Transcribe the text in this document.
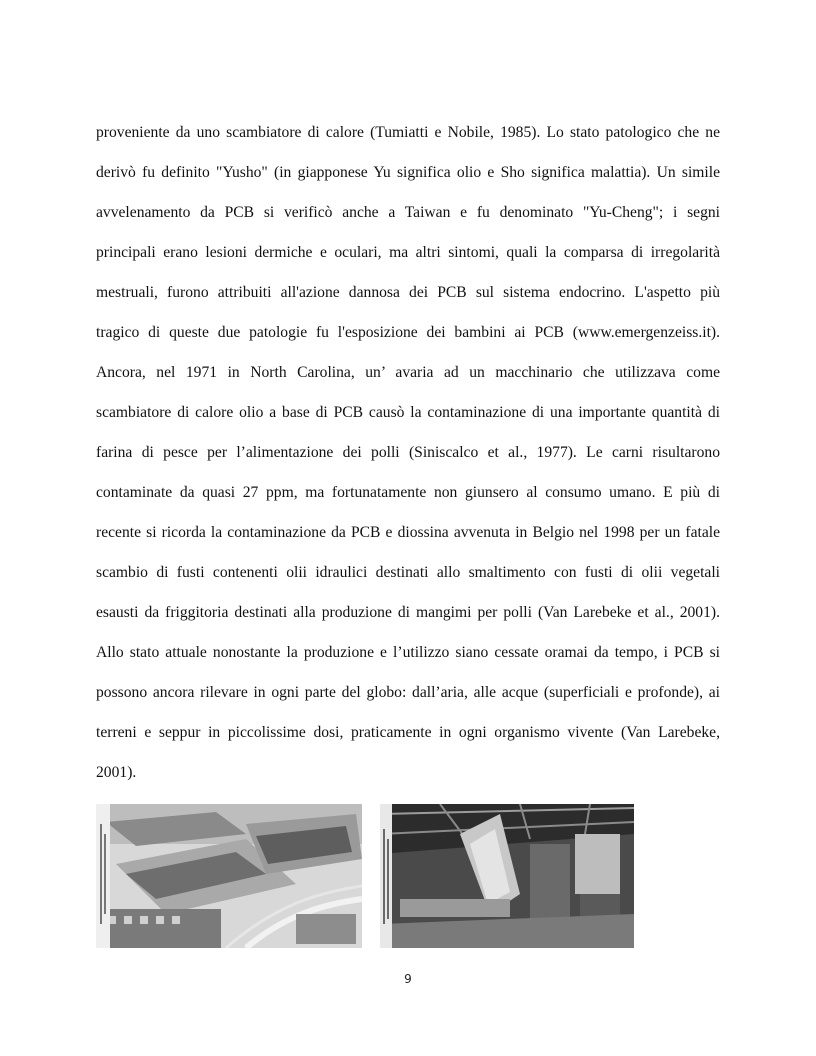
proveniente da uno scambiatore di calore (Tumiatti e Nobile, 1985). Lo stato patologico che ne
derivò fu definito "Yusho" (in giapponese Yu significa olio e Sho significa malattia). Un simile
avvelenamento da PCB si verificò anche a Taiwan e fu denominato "Yu-Cheng"; i segni
principali erano lesioni dermiche e oculari, ma altri sintomi, quali la comparsa di irregolarità
mestruali, furono attribuiti all'azione dannosa dei PCB sul sistema endocrino. L'aspetto più
tragico di queste due patologie fu l'esposizione dei bambini ai PCB (www.emergenzeiss.it).
Ancora, nel 1971 in North Carolina, un’ avaria ad un macchinario che utilizzava come
scambiatore di calore olio a base di PCB causò la contaminazione di una importante quantità di
farina di pesce per l’alimentazione dei polli (Siniscalco et al., 1977). Le carni risultarono
contaminate da quasi 27 ppm, ma fortunatamente non giunsero al consumo umano. E più di
recente si ricorda la contaminazione da PCB e diossina avvenuta in Belgio nel 1998 per un fatale
scambio di fusti contenenti olii idraulici destinati allo smaltimento con fusti di olii vegetali
esausti da friggitoria destinati alla produzione di mangimi per polli (Van Larebeke et al., 2001).
Allo stato attuale nonostante la produzione e l’utilizzo siano cessate oramai da tempo, i PCB si
possono ancora rilevare in ogni parte del globo: dall’aria, alle acque (superficiali e profonde), ai
terreni e seppur in piccolissime dosi, praticamente in ogni organismo vivente (Van Larebeke,
2001).
9
